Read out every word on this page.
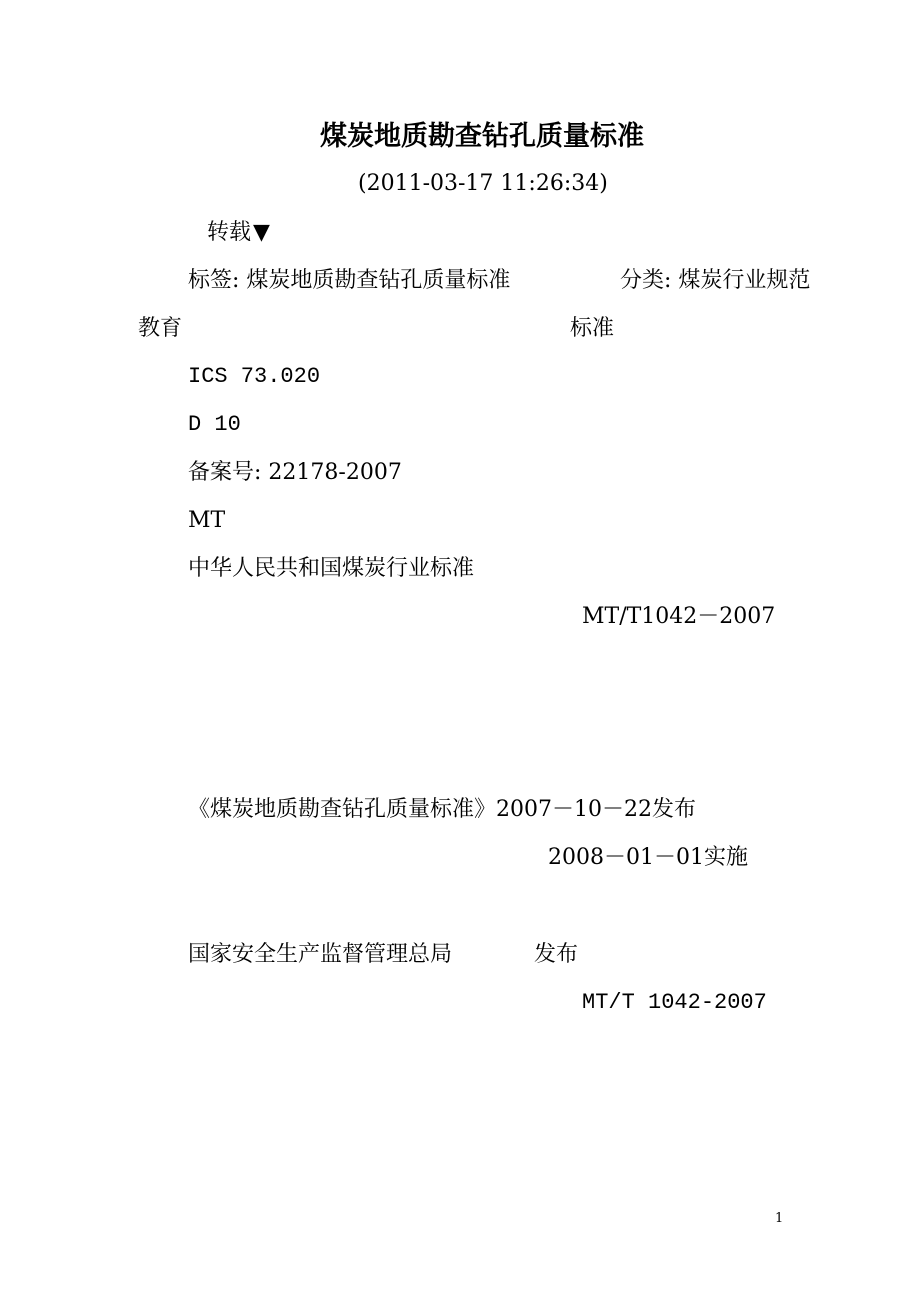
煤炭地质勘查钻孔质量标准
(2011-03-17 11:26:34)
转载▼
标签: 煤炭地质勘查钻孔质量标准	分类: 煤炭行业规范
教育	标准
ICS 73.020
D 10
备案号: 22178-2007
MT
中华人民共和国煤炭行业标准
MT/T1042－2007
《煤炭地质勘查钻孔质量标准》2007－10－22发布
2008－01－01实施
国家安全生产监督管理总局	发布
MT/T 1042-2007
1
